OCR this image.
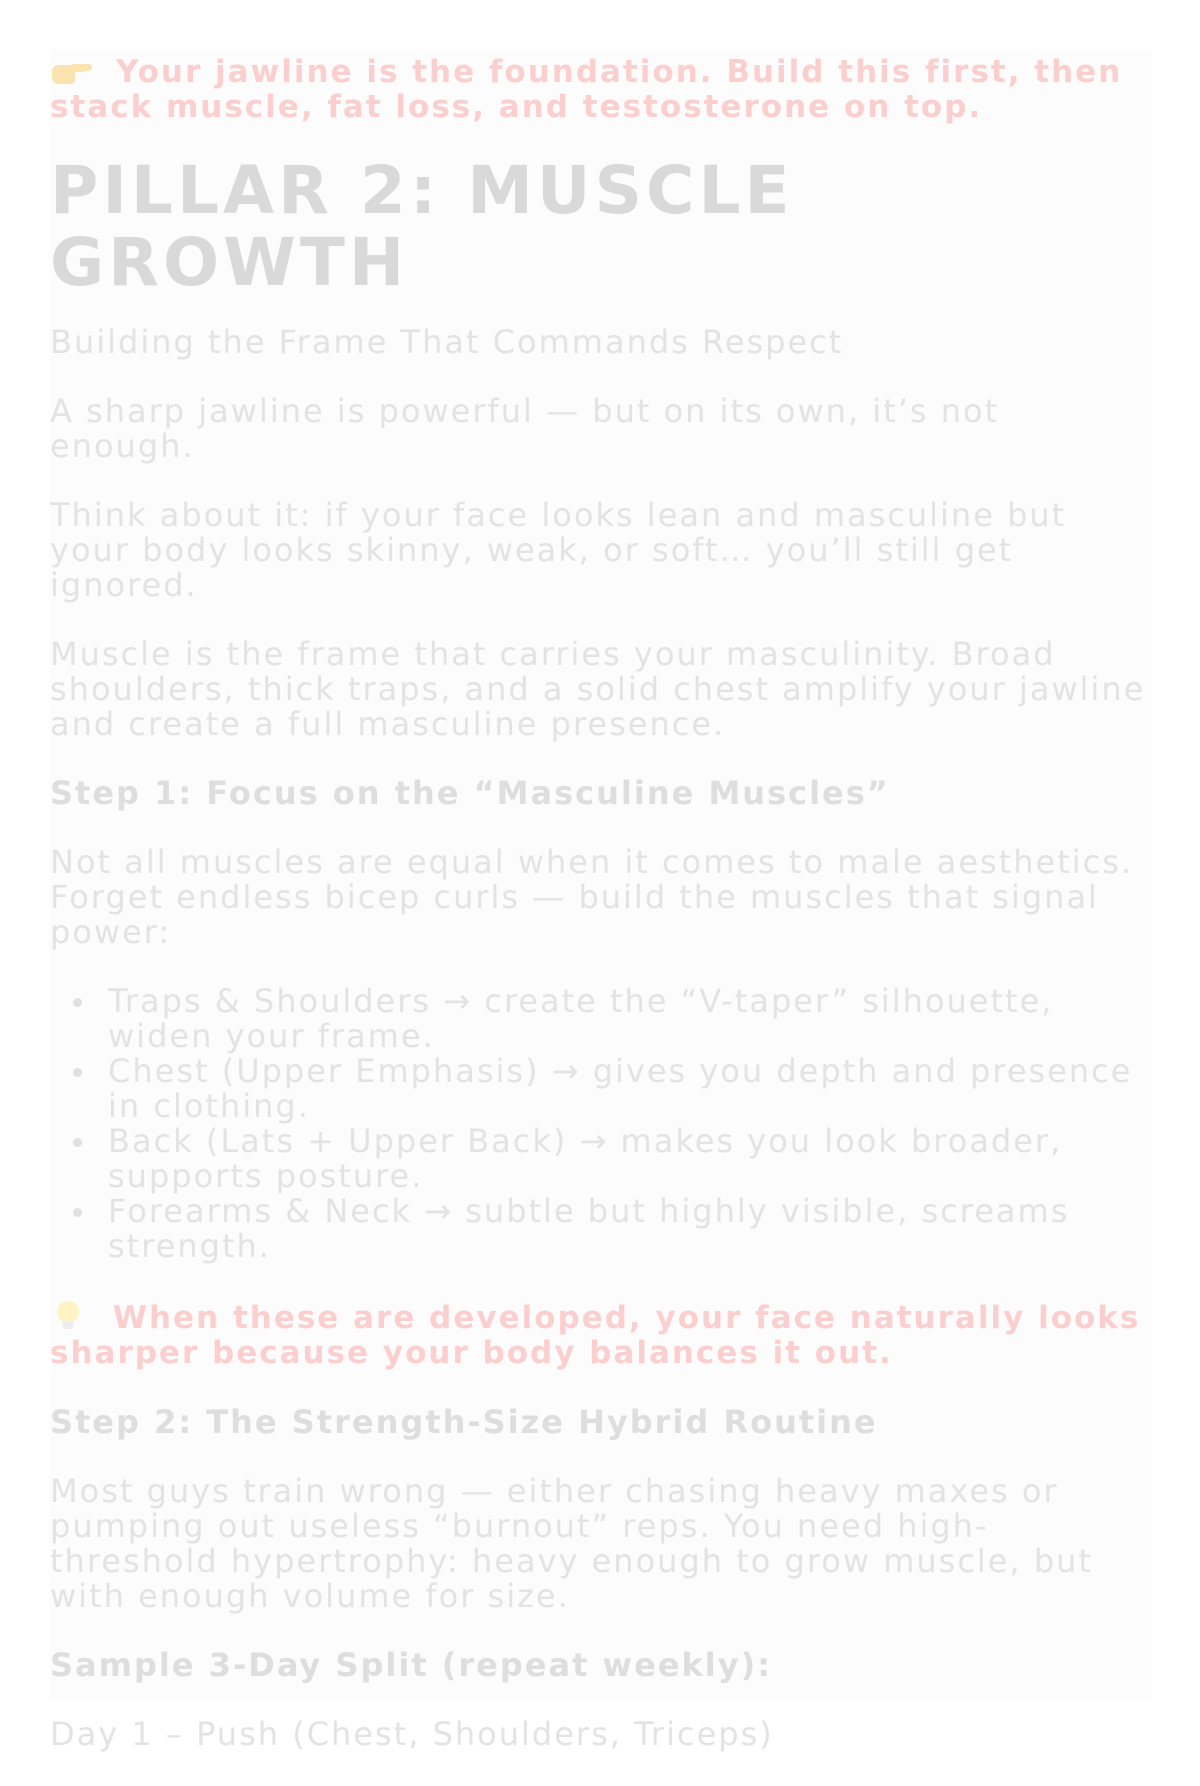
Your jawline is the foundation. Build this first, then stack muscle, fat loss, and testosterone on top.

PILLAR 2: MUSCLE GROWTH

Building the Frame That Commands Respect

A sharp jawline is powerful — but on its own, it’s not enough.

Think about it: if your face looks lean and masculine but your body looks skinny, weak, or soft… you’ll still get ignored.

Muscle is the frame that carries your masculinity. Broad shoulders, thick traps, and a solid chest amplify your jawline and create a full masculine presence.

Step 1: Focus on the “Masculine Muscles”

Not all muscles are equal when it comes to male aesthetics. Forget endless bicep curls — build the muscles that signal power:

Traps & Shoulders → create the “V-taper” silhouette, widen your frame.
Chest (Upper Emphasis) → gives you depth and presence in clothing.
Back (Lats + Upper Back) → makes you look broader, supports posture.
Forearms & Neck → subtle but highly visible, screams strength.

When these are developed, your face naturally looks sharper because your body balances it out.

Step 2: The Strength-Size Hybrid Routine

Most guys train wrong — either chasing heavy maxes or pumping out useless “burnout” reps. You need high-threshold hypertrophy: heavy enough to grow muscle, but with enough volume for size.

Sample 3-Day Split (repeat weekly):

Day 1 – Push (Chest, Shoulders, Triceps)
